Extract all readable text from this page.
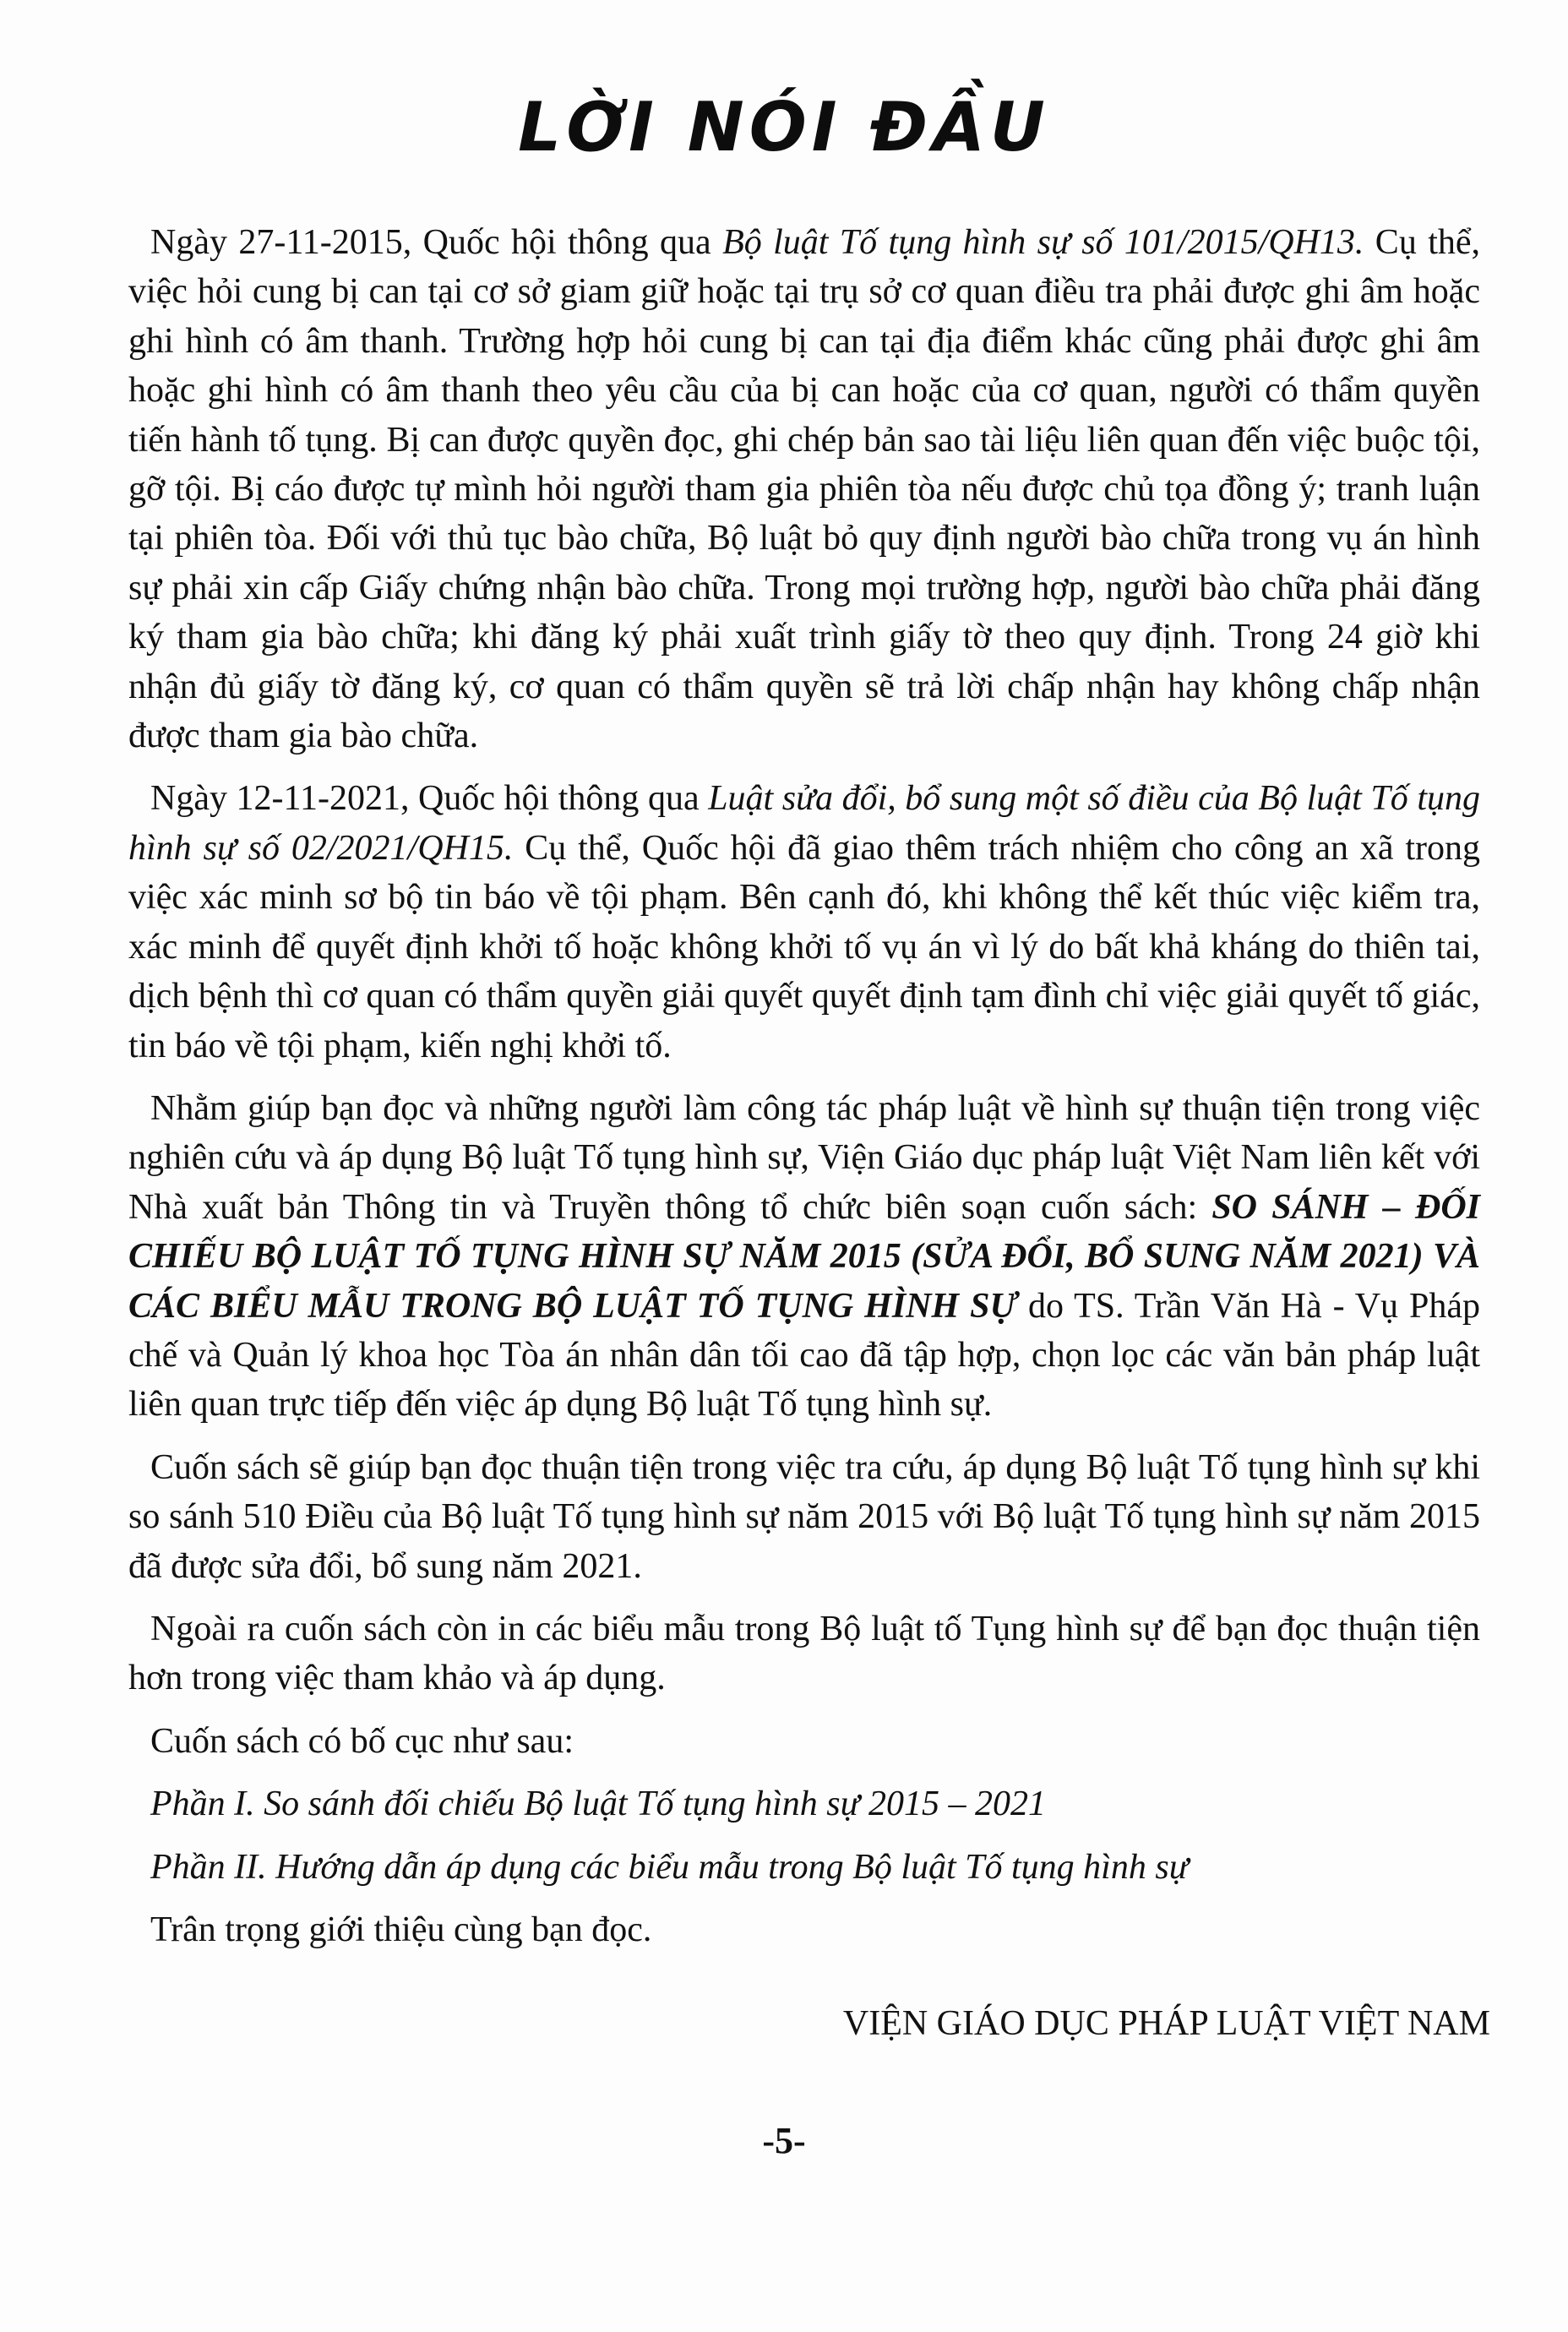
LỜI NÓI ĐẦU

Ngày 27-11-2015, Quốc hội thông qua Bộ luật Tố tụng hình sự số 101/2015/QH13. Cụ thể, việc hỏi cung bị can tại cơ sở giam giữ hoặc tại trụ sở cơ quan điều tra phải được ghi âm hoặc ghi hình có âm thanh. Trường hợp hỏi cung bị can tại địa điểm khác cũng phải được ghi âm hoặc ghi hình có âm thanh theo yêu cầu của bị can hoặc của cơ quan, người có thẩm quyền tiến hành tố tụng. Bị can được quyền đọc, ghi chép bản sao tài liệu liên quan đến việc buộc tội, gỡ tội. Bị cáo được tự mình hỏi người tham gia phiên tòa nếu được chủ tọa đồng ý; tranh luận tại phiên tòa. Đối với thủ tục bào chữa, Bộ luật bỏ quy định người bào chữa trong vụ án hình sự phải xin cấp Giấy chứng nhận bào chữa. Trong mọi trường hợp, người bào chữa phải đăng ký tham gia bào chữa; khi đăng ký phải xuất trình giấy tờ theo quy định. Trong 24 giờ khi nhận đủ giấy tờ đăng ký, cơ quan có thẩm quyền sẽ trả lời chấp nhận hay không chấp nhận được tham gia bào chữa.

Ngày 12-11-2021, Quốc hội thông qua Luật sửa đổi, bổ sung một số điều của Bộ luật Tố tụng hình sự số 02/2021/QH15. Cụ thể, Quốc hội đã giao thêm trách nhiệm cho công an xã trong việc xác minh sơ bộ tin báo về tội phạm. Bên cạnh đó, khi không thể kết thúc việc kiểm tra, xác minh để quyết định khởi tố hoặc không khởi tố vụ án vì lý do bất khả kháng do thiên tai, dịch bệnh thì cơ quan có thẩm quyền giải quyết quyết định tạm đình chỉ việc giải quyết tố giác, tin báo về tội phạm, kiến nghị khởi tố.

Nhằm giúp bạn đọc và những người làm công tác pháp luật về hình sự thuận tiện trong việc nghiên cứu và áp dụng Bộ luật Tố tụng hình sự, Viện Giáo dục pháp luật Việt Nam liên kết với Nhà xuất bản Thông tin và Truyền thông tổ chức biên soạn cuốn sách: SO SÁNH – ĐỐI CHIẾU BỘ LUẬT TỐ TỤNG HÌNH SỰ NĂM 2015 (SỬA ĐỔI, BỔ SUNG NĂM 2021) VÀ CÁC BIỂU MẪU TRONG BỘ LUẬT TỐ TỤNG HÌNH SỰ do TS. Trần Văn Hà - Vụ Pháp chế và Quản lý khoa học Tòa án nhân dân tối cao đã tập hợp, chọn lọc các văn bản pháp luật liên quan trực tiếp đến việc áp dụng Bộ luật Tố tụng hình sự.

Cuốn sách sẽ giúp bạn đọc thuận tiện trong việc tra cứu, áp dụng Bộ luật Tố tụng hình sự khi so sánh 510 Điều của Bộ luật Tố tụng hình sự năm 2015 với Bộ luật Tố tụng hình sự năm 2015 đã được sửa đổi, bổ sung năm 2021.

Ngoài ra cuốn sách còn in các biểu mẫu trong Bộ luật tố Tụng hình sự để bạn đọc thuận tiện hơn trong việc tham khảo và áp dụng.

Cuốn sách có bố cục như sau:

Phần I. So sánh đối chiếu Bộ luật Tố tụng hình sự 2015 – 2021

Phần II. Hướng dẫn áp dụng các biểu mẫu trong Bộ luật Tố tụng hình sự

Trân trọng giới thiệu cùng bạn đọc.

VIỆN GIÁO DỤC PHÁP LUẬT VIỆT NAM

-5-
